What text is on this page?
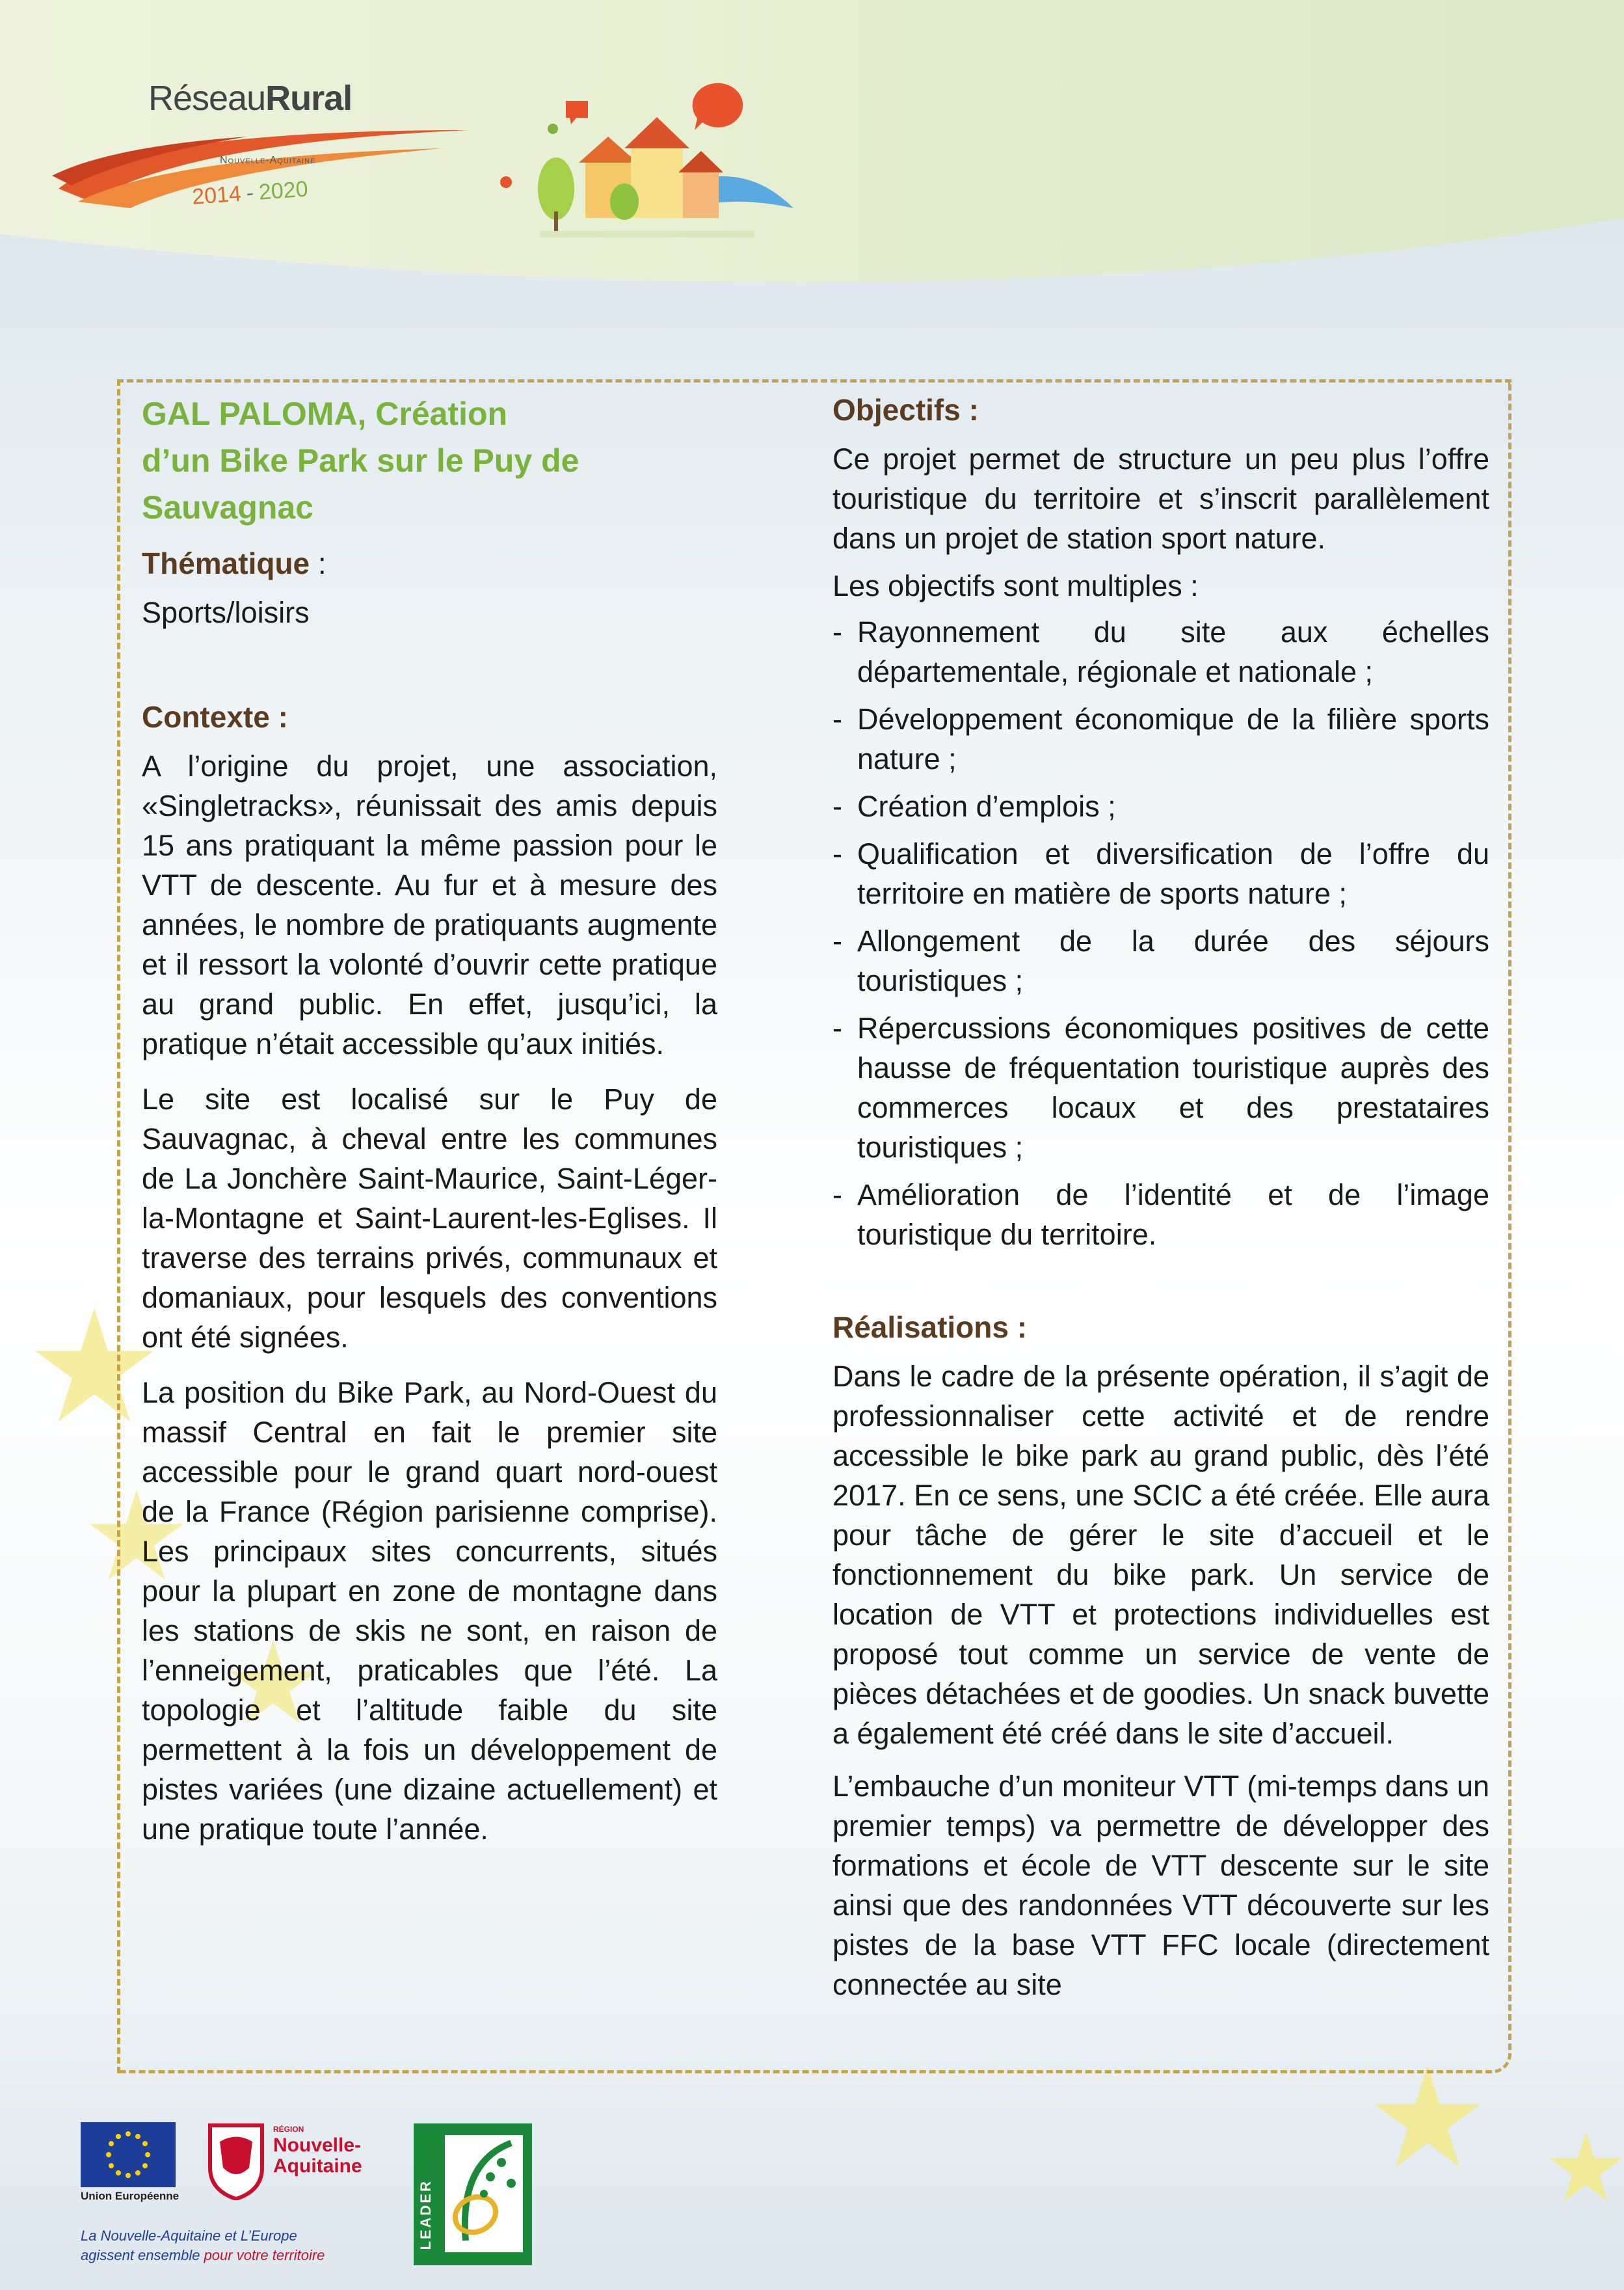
RéseauRural
Nouvelle-Aquitaine
2014 - 2020
GAL PALOMA, Création
d’un Bike Park sur le Puy de
Sauvagnac
Thématique :

Sports/loisirs

Contexte :

A l’origine du projet, une association, «Singletracks», réunissait des amis depuis 15 ans pratiquant la même passion pour le VTT de descente. Au fur et à mesure des années, le nombre de pratiquants augmente et il ressort la volonté d’ouvrir cette pratique au grand public. En effet, jusqu’ici, la pratique n’était accessible qu’aux initiés.

Le site est localisé sur le Puy de Sauvagnac, à cheval entre les communes de La Jonchère Saint-Maurice, Saint-Léger-la-Montagne et Saint-Laurent-les-Eglises. Il traverse des terrains privés, communaux et domaniaux, pour lesquels des conventions ont été signées.

La position du Bike Park, au Nord-Ouest du massif Central en fait le premier site accessible pour le grand quart nord-ouest de la France (Région parisienne comprise). Les principaux sites concurrents, situés pour la plupart en zone de montagne dans les stations de skis ne sont, en raison de l’enneigement, praticables que l’été. La topologie et l’altitude faible du site permettent à la fois un développement de pistes variées (une dizaine actuellement) et une pratique toute l’année.

Objectifs :

Ce projet permet de structure un peu plus l’offre touristique du territoire et s’inscrit parallèlement dans un projet de station sport nature.

Les objectifs sont multiples :

- Rayonnement du site aux échelles départementale, régionale et nationale ;
- Développement économique de la filière sports nature ;
- Création d’emplois ;
- Qualification et diversification de l’offre du territoire en matière de sports nature ;
- Allongement de la durée des séjours touristiques ;
- Répercussions économiques positives de cette hausse de fréquentation touristique auprès des commerces locaux et des prestataires touristiques ;
- Amélioration de l’identité et de l’image touristique du territoire.
Réalisations :

Dans le cadre de la présente opération, il s’agit de professionnaliser cette activité et de rendre accessible le bike park au grand public, dès l’été 2017. En ce sens, une SCIC a été créée. Elle aura pour tâche de gérer le site d’accueil et le fonctionnement du bike park. Un service de location de VTT et protections individuelles est proposé tout comme un service de vente de pièces détachées et de goodies. Un snack buvette a également été créé dans le site d’accueil.

L’embauche d’un moniteur VTT (mi-temps dans un premier temps) va permettre de développer des formations et école de VTT descente sur le site ainsi que des randonnées VTT découverte sur les pistes de la base VTT FFC locale (directement connectée au site

Union Européenne
RÉGION
Nouvelle-Aquitaine
LEADER
La Nouvelle-Aquitaine et L’Europe
agissent ensemble pour votre territoire
